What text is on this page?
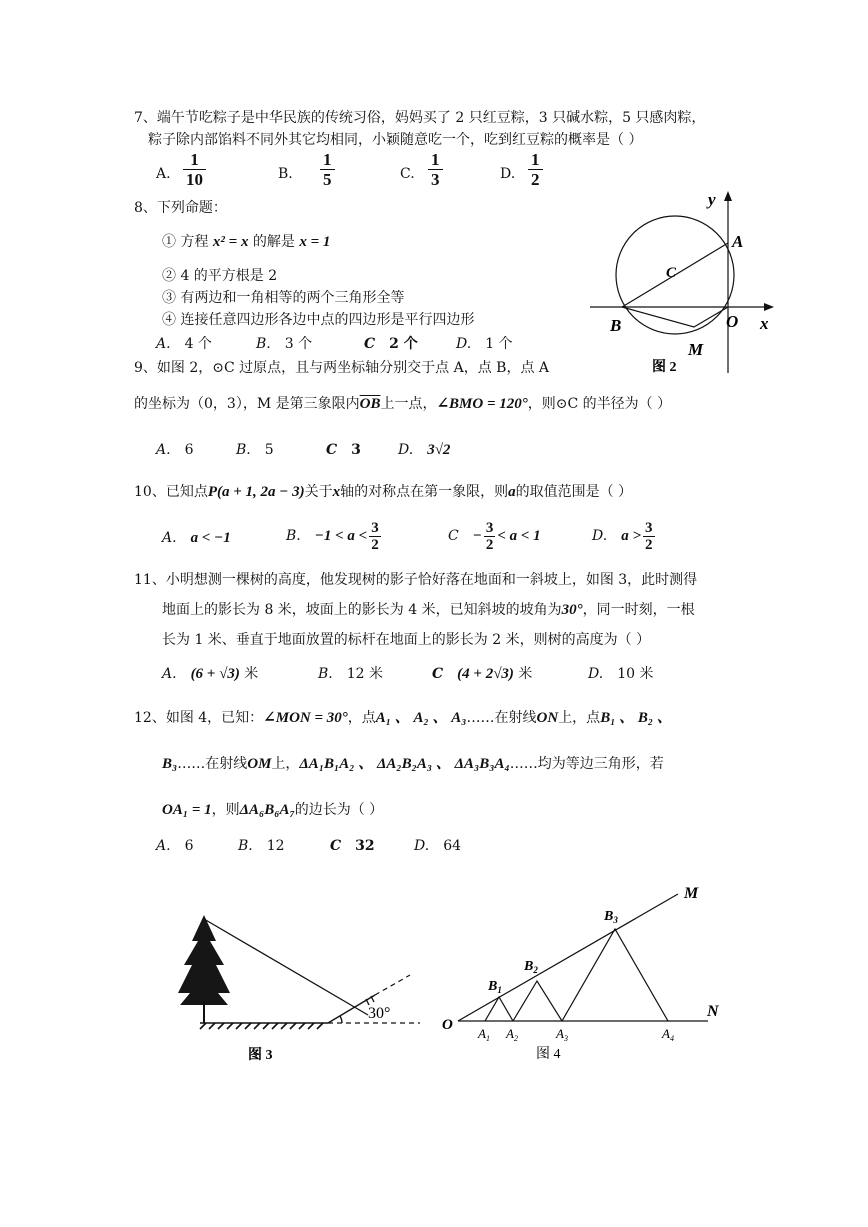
7、端午节吃粽子是中华民族的传统习俗，妈妈买了 2 只红豆粽，3 只碱水粽，5 只感肉粽，
粽子除内部馅料不同外其它均相同，小颖随意吃一个，吃到红豆粽的概率是（ ）
A. $\frac{1}{10}$	B. $\frac{1}{5}$	C. $\frac{1}{3}$	D. $\frac{1}{2}$
8、下列命题：
① 方程 x² = x 的解是 x = 1
② 4 的平方根是 2
③ 有两边和一角相等的两个三角形全等
④ 连接任意四边形各边中点的四边形是平行四边形
A. 4 个	B. 3 个	C 2 个	D. 1 个
9、如图 2，⊙C 过原点，且与两坐标轴分别交于点 A，点 B，点 A
的坐标为（0，3），M 是第三象限内$\overline{OB}$上一点，∠BMO = 120°，则⊙C 的半径为（ ）
A. 6	B. 5	C 3	D. 3√2
10、已知点P(a + 1, 2a − 3)关于x轴的对称点在第一象限，则a的取值范围是（ ）
A. a < −1	B. $-1 < a < \frac{3}{2}$	$C - \frac{3}{2} < a < 1$	D. $a > \frac{3}{2}$
11、小明想测一棵树的高度，他发现树的影子恰好落在地面和一斜坡上，如图 3，此时测得
地面上的影长为 8 米，坡面上的影长为 4 米，已知斜坡的坡角为30°，同一时刻，一根
长为 1 米、垂直于地面放置的标杆在地面上的影长为 2 米，则树的高度为（ ）
A. (6 + √3) 米	B. 12 米	C (4 + 2√3) 米	D. 10 米
12、如图 4，已知：∠MON = 30°，点A₁ 、 A₂ 、 A₃……在射线ON上，点B₁ 、 B₂ 、
B₃……在射线OM上，ΔA₁B₁A₂ 、 ΔA₂B₂A₃ 、 ΔA₃B₃A₄……均为等边三角形，若
OA₁ = 1，则ΔA₆B₆A₇的边长为（ ）
A. 6	B. 12	C 32	D. 64
y
A
C
B	O x
M
图 2
30°
图 3
M
N
O
$B_1$
$B_2$
$B_3$
$A_1$ $A_2$	$A_3$	$A_4$
图 4
